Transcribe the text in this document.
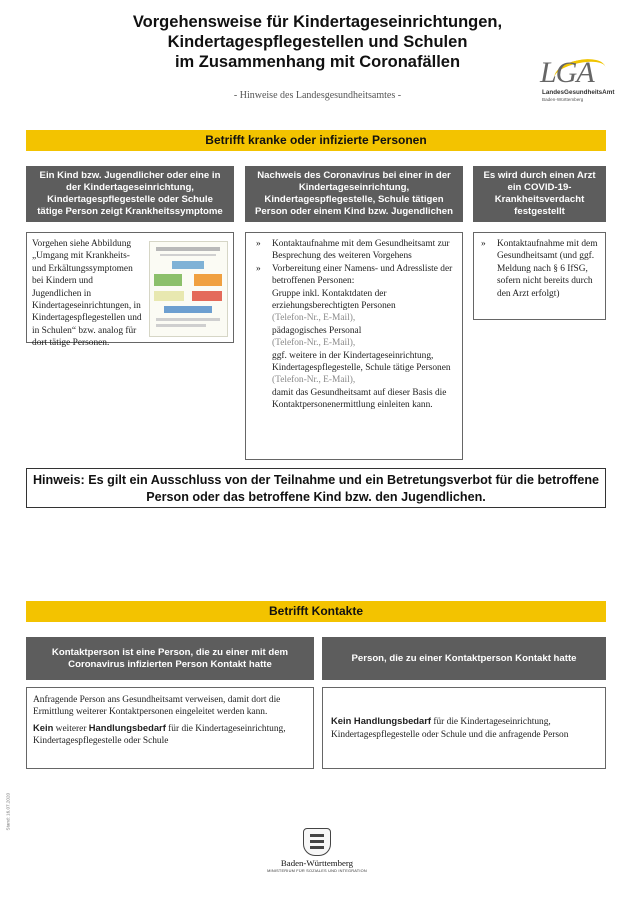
Vorgehensweise für Kindertageseinrichtungen,
Kindertagespflegestellen und Schulen
im Zusammenhang mit Coronafällen
- Hinweise des Landesgesundheitsamtes -
LGA
LandesGesundheitsAmt
Baden-Württemberg
Betrifft kranke oder infizierte Personen
Ein Kind bzw. Jugendlicher oder eine in der Kindertageseinrichtung, Kindertagespflegestelle oder Schule tätige Person zeigt Krankheitssymptome
Nachweis des Coronavirus bei einer in der Kindertageseinrichtung, Kindertagespflegestelle, Schule tätigen Person oder einem Kind bzw. Jugendlichen
Es wird durch einen Arzt ein COVID-19-Krankheitsverdacht festgestellt
Vorgehen siehe Abbildung „Umgang mit Krankheits- und Erkältungssymptomen bei Kindern und Jugendlichen in Kindertageseinrichtungen, in Kindertagespflegestellen und in Schulen“ bzw. analog für dort tätige Personen.
» Kontaktaufnahme mit dem Gesundheitsamt zur Besprechung des weiteren Vorgehens
» Vorbereitung einer Namens- und Adressliste der betroffenen Personen:
Gruppe inkl. Kontaktdaten der erziehungsberechtigten Personen
(Telefon-Nr., E-Mail),
pädagogisches Personal
(Telefon-Nr., E-Mail),
ggf. weitere in der Kindertageseinrichtung, Kindertagespflegestelle, Schule tätige Personen (Telefon-Nr., E-Mail),
damit das Gesundheitsamt auf dieser Basis die Kontaktpersonenermittlung einleiten kann.
» Kontaktaufnahme mit dem Gesundheitsamt (und ggf. Meldung nach § 6 IfSG, sofern nicht bereits durch den Arzt erfolgt)
Hinweis: Es gilt ein Ausschluss von der Teilnahme und ein Betretungsverbot für die betroffene Person oder das betroffene Kind bzw. den Jugendlichen.
Betrifft Kontakte
Kontaktperson ist eine Person, die zu einer mit dem Coronavirus infizierten Person Kontakt hatte
Person, die zu einer Kontaktperson Kontakt hatte
Anfragende Person ans Gesundheitsamt verweisen, damit dort die Ermittlung weiterer Kontaktpersonen eingeleitet werden kann.
Kein weiterer Handlungsbedarf für die Kindertageseinrichtung, Kindertagespflegestelle oder Schule
Kein Handlungsbedarf für die Kindertageseinrichtung, Kindertagespflegestelle oder Schule und die anfragende Person
Stand: 16.07.2020
Baden-Württemberg
MINISTERIUM FÜR SOZIALES UND INTEGRATION
